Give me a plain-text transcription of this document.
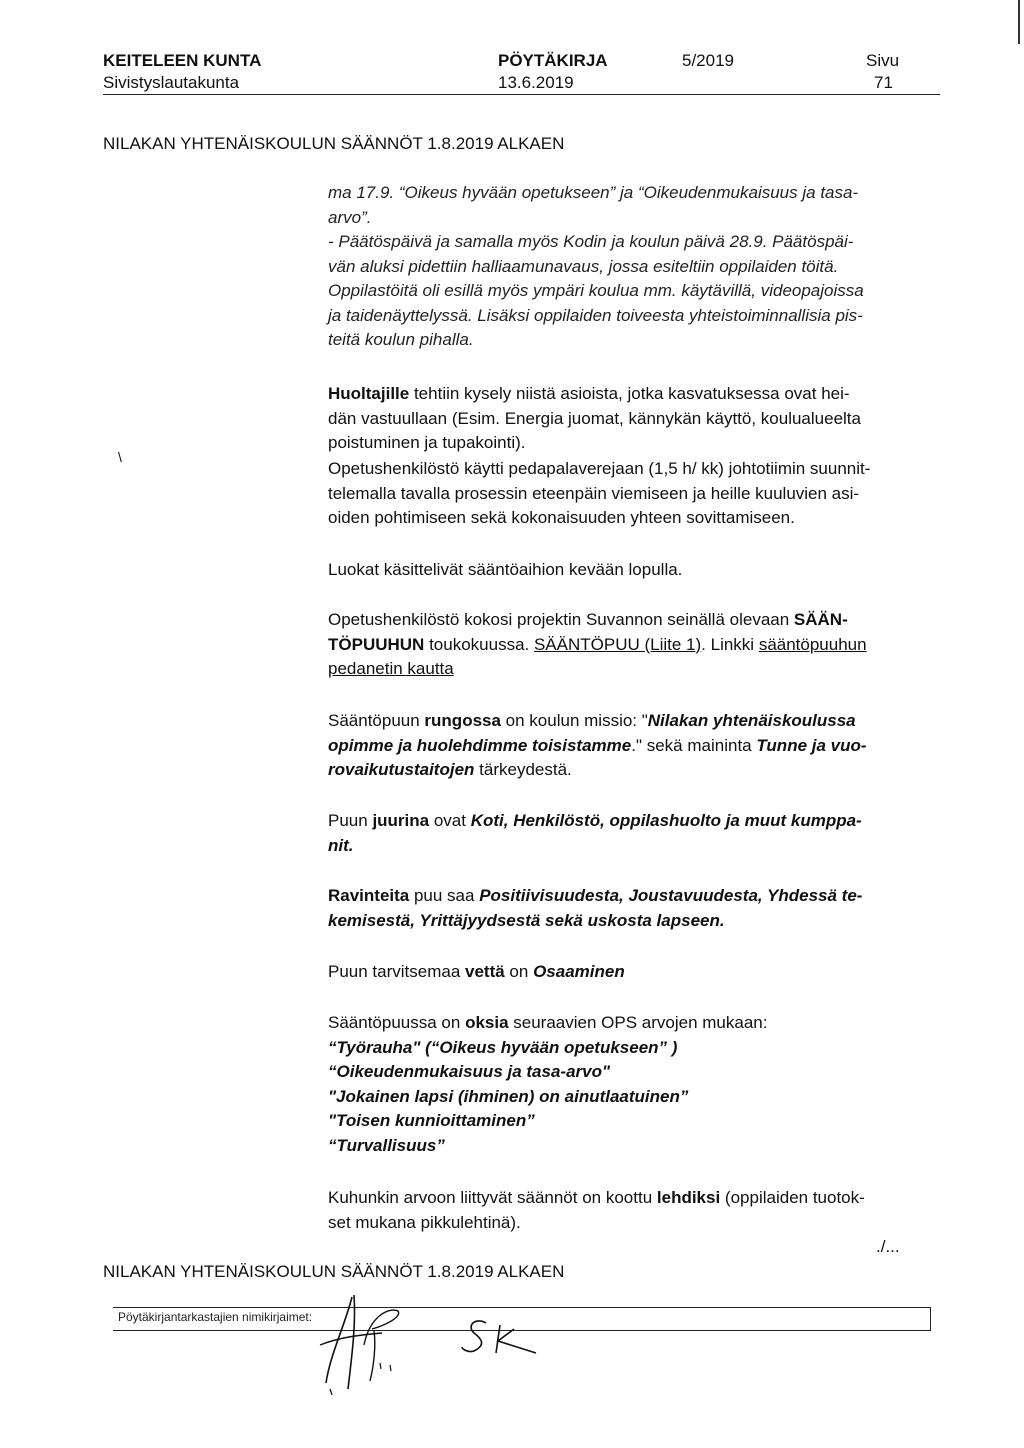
KEITELEEN KUNTA
Sivistyslautakunta
PÖYTÄKIRJA
13.6.2019
5/2019	Sivu
71
NILAKAN YHTENÄISKOULUN SÄÄNNÖT 1.8.2019 ALKAEN
ma 17.9. “Oikeus hyvään opetukseen” ja “Oikeudenmukaisuus ja tasa-
arvo”.
- Päätöspäivä ja samalla myös Kodin ja koulun päivä 28.9. Päätöspäi-
vän aluksi pidettiin halliaamunavaus, jossa esiteltiin oppilaiden töitä.
Oppilastöitä oli esillä myös ympäri koulua mm. käytävillä, videopajoissa
ja taidenäyttelyssä. Lisäksi oppilaiden toiveesta yhteistoiminnallisia pis-
teitä koulun pihalla.
Huoltajille tehtiin kysely niistä asioista, jotka kasvatuksessa ovat hei-
dän vastuullaan (Esim. Energia juomat, kännykän käyttö, koulualueelta
poistuminen ja tupakointi).
\
Opetushenkilöstö käytti pedapalaverejaan (1,5 h/ kk) johtotiimin suunnit-
telemalla tavalla prosessin eteenpäin viemiseen ja heille kuuluvien asi-
oiden pohtimiseen sekä kokonaisuuden yhteen sovittamiseen.
Luokat käsittelivät sääntöaihion kevään lopulla.
Opetushenkilöstö kokosi projektin Suvannon seinällä olevaan SÄÄN-
TÖPUUHUN toukokuussa. SÄÄNTÖPUU (Liite 1). Linkki sääntöpuuhun
pedanetin kautta
Sääntöpuun rungossa on koulun missio: "Nilakan yhtenäiskoulussa
opimme ja huolehdimme toisistamme." sekä maininta Tunne ja vuo-
rovaikutustaitojen tärkeydestä.
Puun juurina ovat Koti, Henkilöstö, oppilashuolto ja muut kumppa-
nit.
Ravinteita puu saa Positiivisuudesta, Joustavuudesta, Yhdessä te-
kemisestä, Yrittäjyydsestä sekä uskosta lapseen.
Puun tarvitsemaa vettä on Osaaminen
Sääntöpuussa on oksia seuraavien OPS arvojen mukaan:
“Työrauha" (“Oikeus hyvään opetukseen” )
“Oikeudenmukaisuus ja tasa-arvo"
"Jokainen lapsi (ihminen) on ainutlaatuinen”
"Toisen kunnioittaminen”
“Turvallisuus”
Kuhunkin arvoon liittyvät säännöt on koottu lehdiksi (oppilaiden tuotok-
set mukana pikkulehtinä).
./...
NILAKAN YHTENÄISKOULUN SÄÄNNÖT 1.8.2019 ALKAEN
Pöytäkirjantarkastajien nimikirjaimet:
